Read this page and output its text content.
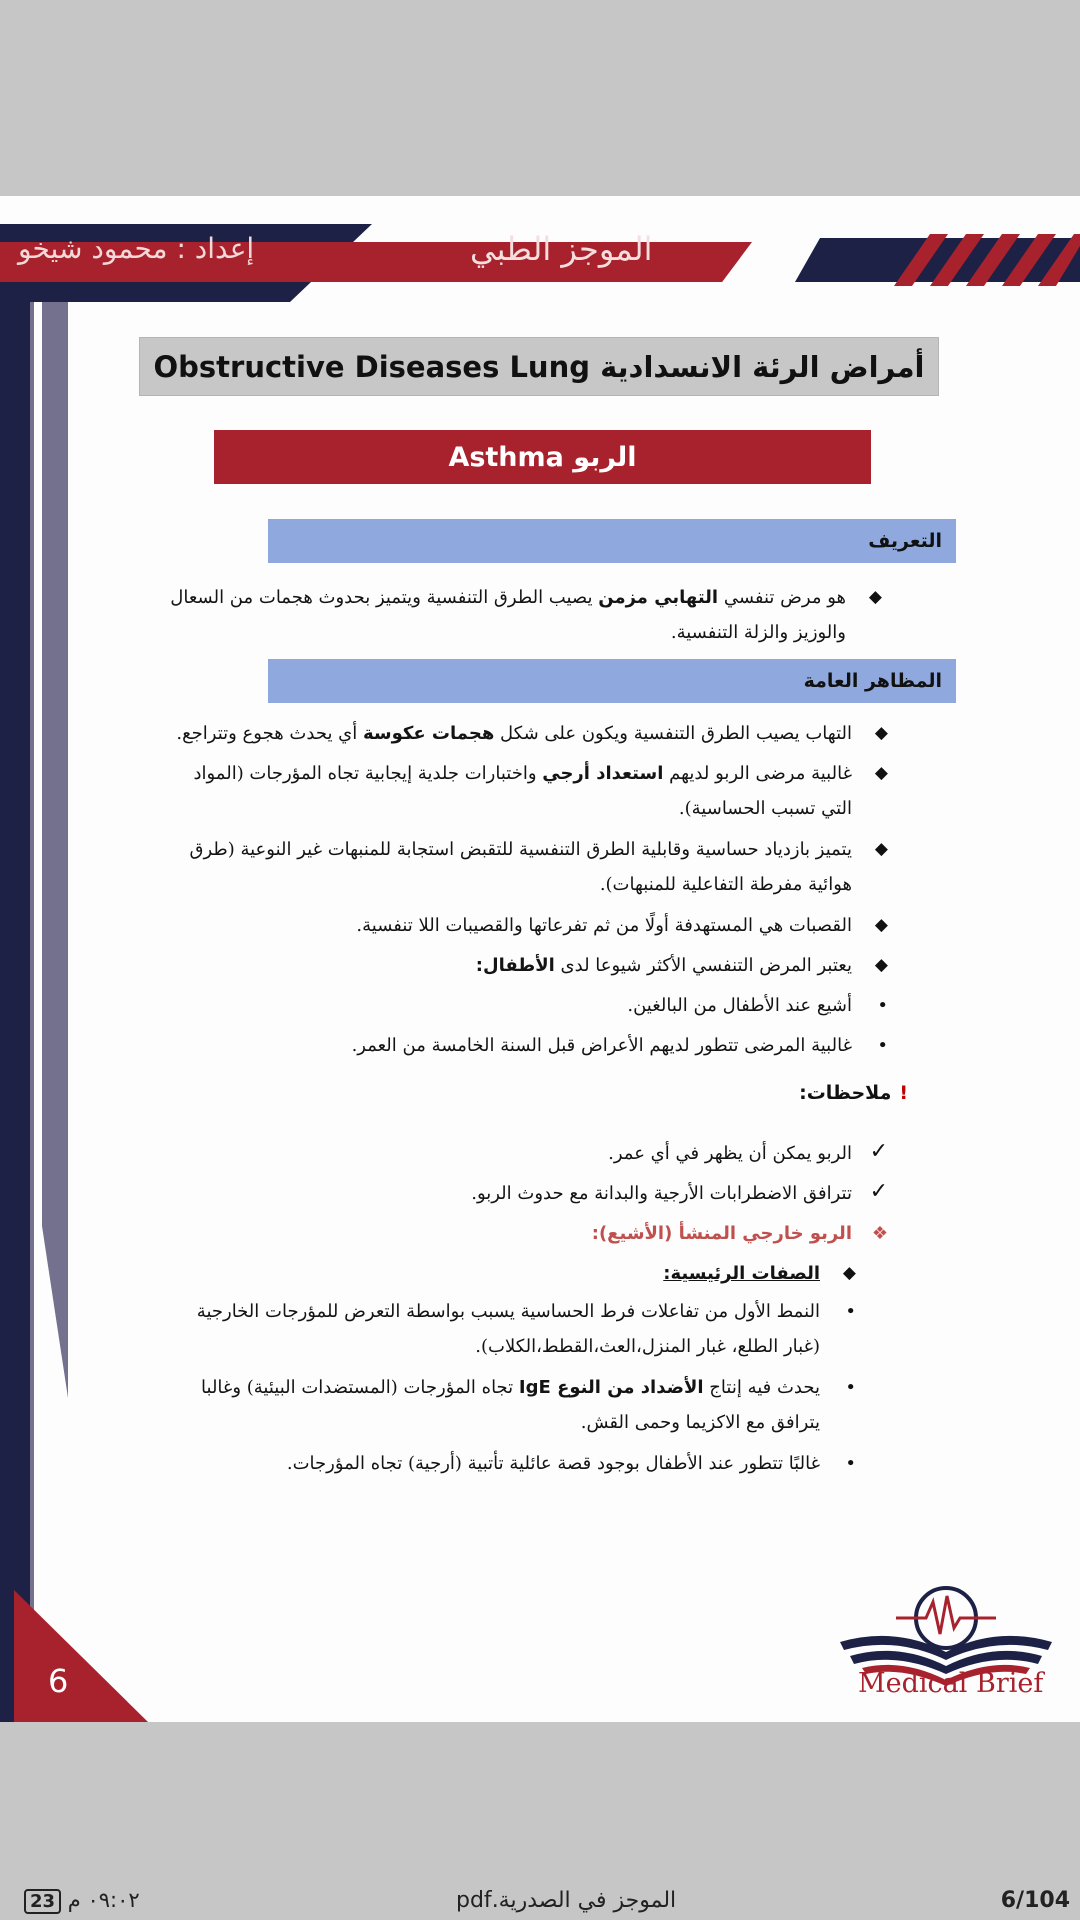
إعداد : محمود شيخو	الموجز الطبي
أمراض الرئة الانسدادية Obstructive Diseases Lung
الربو Asthma
التعريف
◆ هو مرض تنفسي التهابي مزمن يصيب الطرق التنفسية ويتميز بحدوث هجمات من السعال والوزيز والزلة التنفسية.
المظاهر العامة
◆ التهاب يصيب الطرق التنفسية ويكون على شكل هجمات عكوسة أي يحدث هجوع وتتراجع.
◆ غالبية مرضى الربو لديهم استعداد أرجي واختبارات جلدية إيجابية تجاه المؤرجات (المواد التي تسبب الحساسية).
◆ يتميز بازدياد حساسية وقابلية الطرق التنفسية للتقبض استجابة للمنبهات غير النوعية (طرق هوائية مفرطة التفاعلية للمنبهات).
◆ القصبات هي المستهدفة أولًا من ثم تفرعاتها والقصيبات اللا تنفسية.
◆ يعتبر المرض التنفسي الأكثر شيوعا لدى الأطفال:
• أشيع عند الأطفال من البالغين.
• غالبية المرضى تتطور لديهم الأعراض قبل السنة الخامسة من العمر.
!ملاحظات:
✓ الربو يمكن أن يظهر في أي عمر.
✓ تترافق الاضطرابات الأرجية والبدانة مع حدوث الربو.
❖ الربو خارجي المنشأ (الأشيع):
◆ الصفات الرئيسية:
• النمط الأول من تفاعلات فرط الحساسية يسبب بواسطة التعرض للمؤرجات الخارجية (غبار الطلع، غبار المنزل،العث،القطط،الكلاب).
• يحدث فيه إنتاج الأضداد من النوع IgE تجاه المؤرجات (المستضدات البيئية) وغالبا يترافق مع الاكزيما وحمى القش.
• غالبًا تتطور عند الأطفال بوجود قصة عائلية تأتبية (أرجية) تجاه المؤرجات.
6	Medical Brief
6/104
الموجز في الصدرية.pdf
٠٩:٠٢ م 23
